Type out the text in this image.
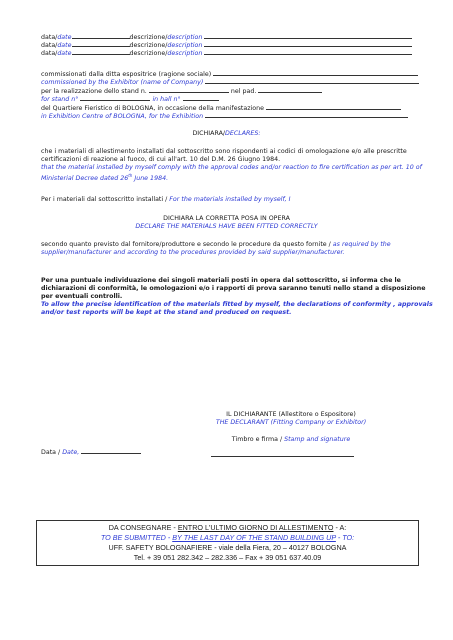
data/date	descrizione/description
data/date	descrizione/description
data/date	descrizione/description
commissionati dalla ditta espositrice (ragione sociale)
commissioned by the Exhibitor (name of Company)
per la realizzazione dello stand n.	nel pad.
for stand n°	in hall n°
del Quartiere Fieristico di BOLOGNA, in occasione della manifestazione
in Exhibition Centre of BOLOGNA, for the Exhibition
DICHIARA/DECLARES:
che i materiali di allestimento installati dal sottoscritto sono rispondenti ai codici di omologazione e/o alle prescritte
certificazioni di reazione al fuoco, di cui all'art. 10 del D.M. 26 Giugno 1984.
that the material installed by myself comply with the approval codes and/or reaction to fire certification as per art. 10 of
Ministerial Decree dated 26th June 1984.
Per i materiali dal sottoscritto installati / For the materials installed by myself, I
DICHIARA LA CORRETTA POSA IN OPERA
DECLARE THE MATERIALS HAVE BEEN FITTED CORRECTLY
secondo quanto previsto dal fornitore/produttore e secondo le procedure da questo fornite / as required by the
supplier/manufacturer and according to the procedures provided by said supplier/manufacturer.
Per una puntuale individuazione dei singoli materiali posti in opera dal sottoscritto, si informa che le
dichiarazioni di conformità, le omologazioni e/o i rapporti di prova saranno tenuti nello stand a disposizione
per eventuali controlli.
To allow the precise identification of the materials fitted by myself, the declarations of conformity , approvals
and/or test reports will be kept at the stand and produced on request.
IL DICHIARANTE (Allestitore o Espositore)
THE DECLARANT (Fitting Company or Exhibitor)
Timbro e firma / Stamp and signature
Data / Date,
DA CONSEGNARE - ENTRO L'ULTIMO GIORNO DI ALLESTIMENTO - A:
TO BE SUBMITTED - BY THE LAST DAY OF THE STAND BUILDING UP - TO:
UFF. SAFETY BOLOGNAFIERE - viale della Fiera, 20 – 40127 BOLOGNA
Tel. + 39 051 282.342 – 282.336 – Fax + 39 051 637.40.09
